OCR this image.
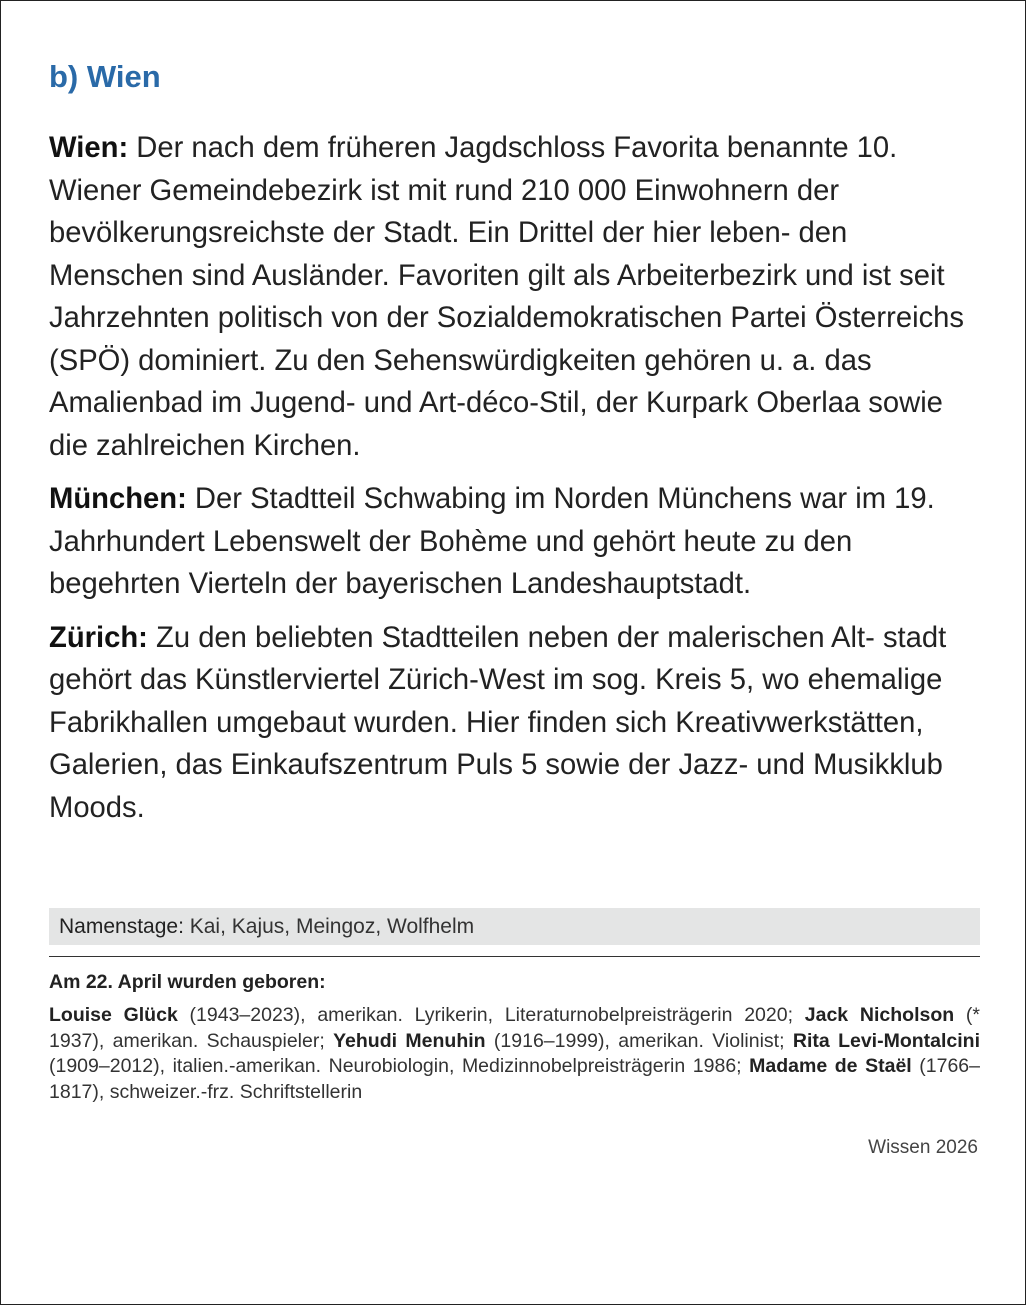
b) Wien

Wien: Der nach dem früheren Jagdschloss Favorita benannte 10. Wiener Gemeindebezirk ist mit rund 210 000 Einwohnern der bevölkerungsreichste der Stadt. Ein Drittel der hier leben- den Menschen sind Ausländer. Favoriten gilt als Arbeiterbezirk und ist seit Jahrzehnten politisch von der Sozialdemokratischen Partei Österreichs (SPÖ) dominiert. Zu den Sehenswürdigkeiten gehören u. a. das Amalienbad im Jugend- und Art-déco-Stil, der Kurpark Oberlaa sowie die zahlreichen Kirchen.

München: Der Stadtteil Schwabing im Norden Münchens war im 19. Jahrhundert Lebenswelt der Bohème und gehört heute zu den begehrten Vierteln der bayerischen Landeshauptstadt.

Zürich: Zu den beliebten Stadtteilen neben der malerischen Alt- stadt gehört das Künstlerviertel Zürich-West im sog. Kreis 5, wo ehemalige Fabrikhallen umgebaut wurden. Hier finden sich Kreativwerkstätten, Galerien, das Einkaufszentrum Puls 5 sowie der Jazz- und Musikklub Moods.

Namenstage: Kai, Kajus, Meingoz, Wolfhelm
Am 22. April wurden geboren:

Louise Glück (1943–2023), amerikan. Lyrikerin, Literaturnobelpreisträgerin 2020; Jack Nicholson (* 1937), amerikan. Schauspieler; Yehudi Menuhin (1916–1999), amerikan. Violinist; Rita Levi-Montalcini (1909–2012), italien.-amerikan. Neurobiologin, Medizinnobelpreisträgerin 1986; Madame de Staël (1766–1817), schweizer.-frz. Schriftstellerin

Wissen 2026
